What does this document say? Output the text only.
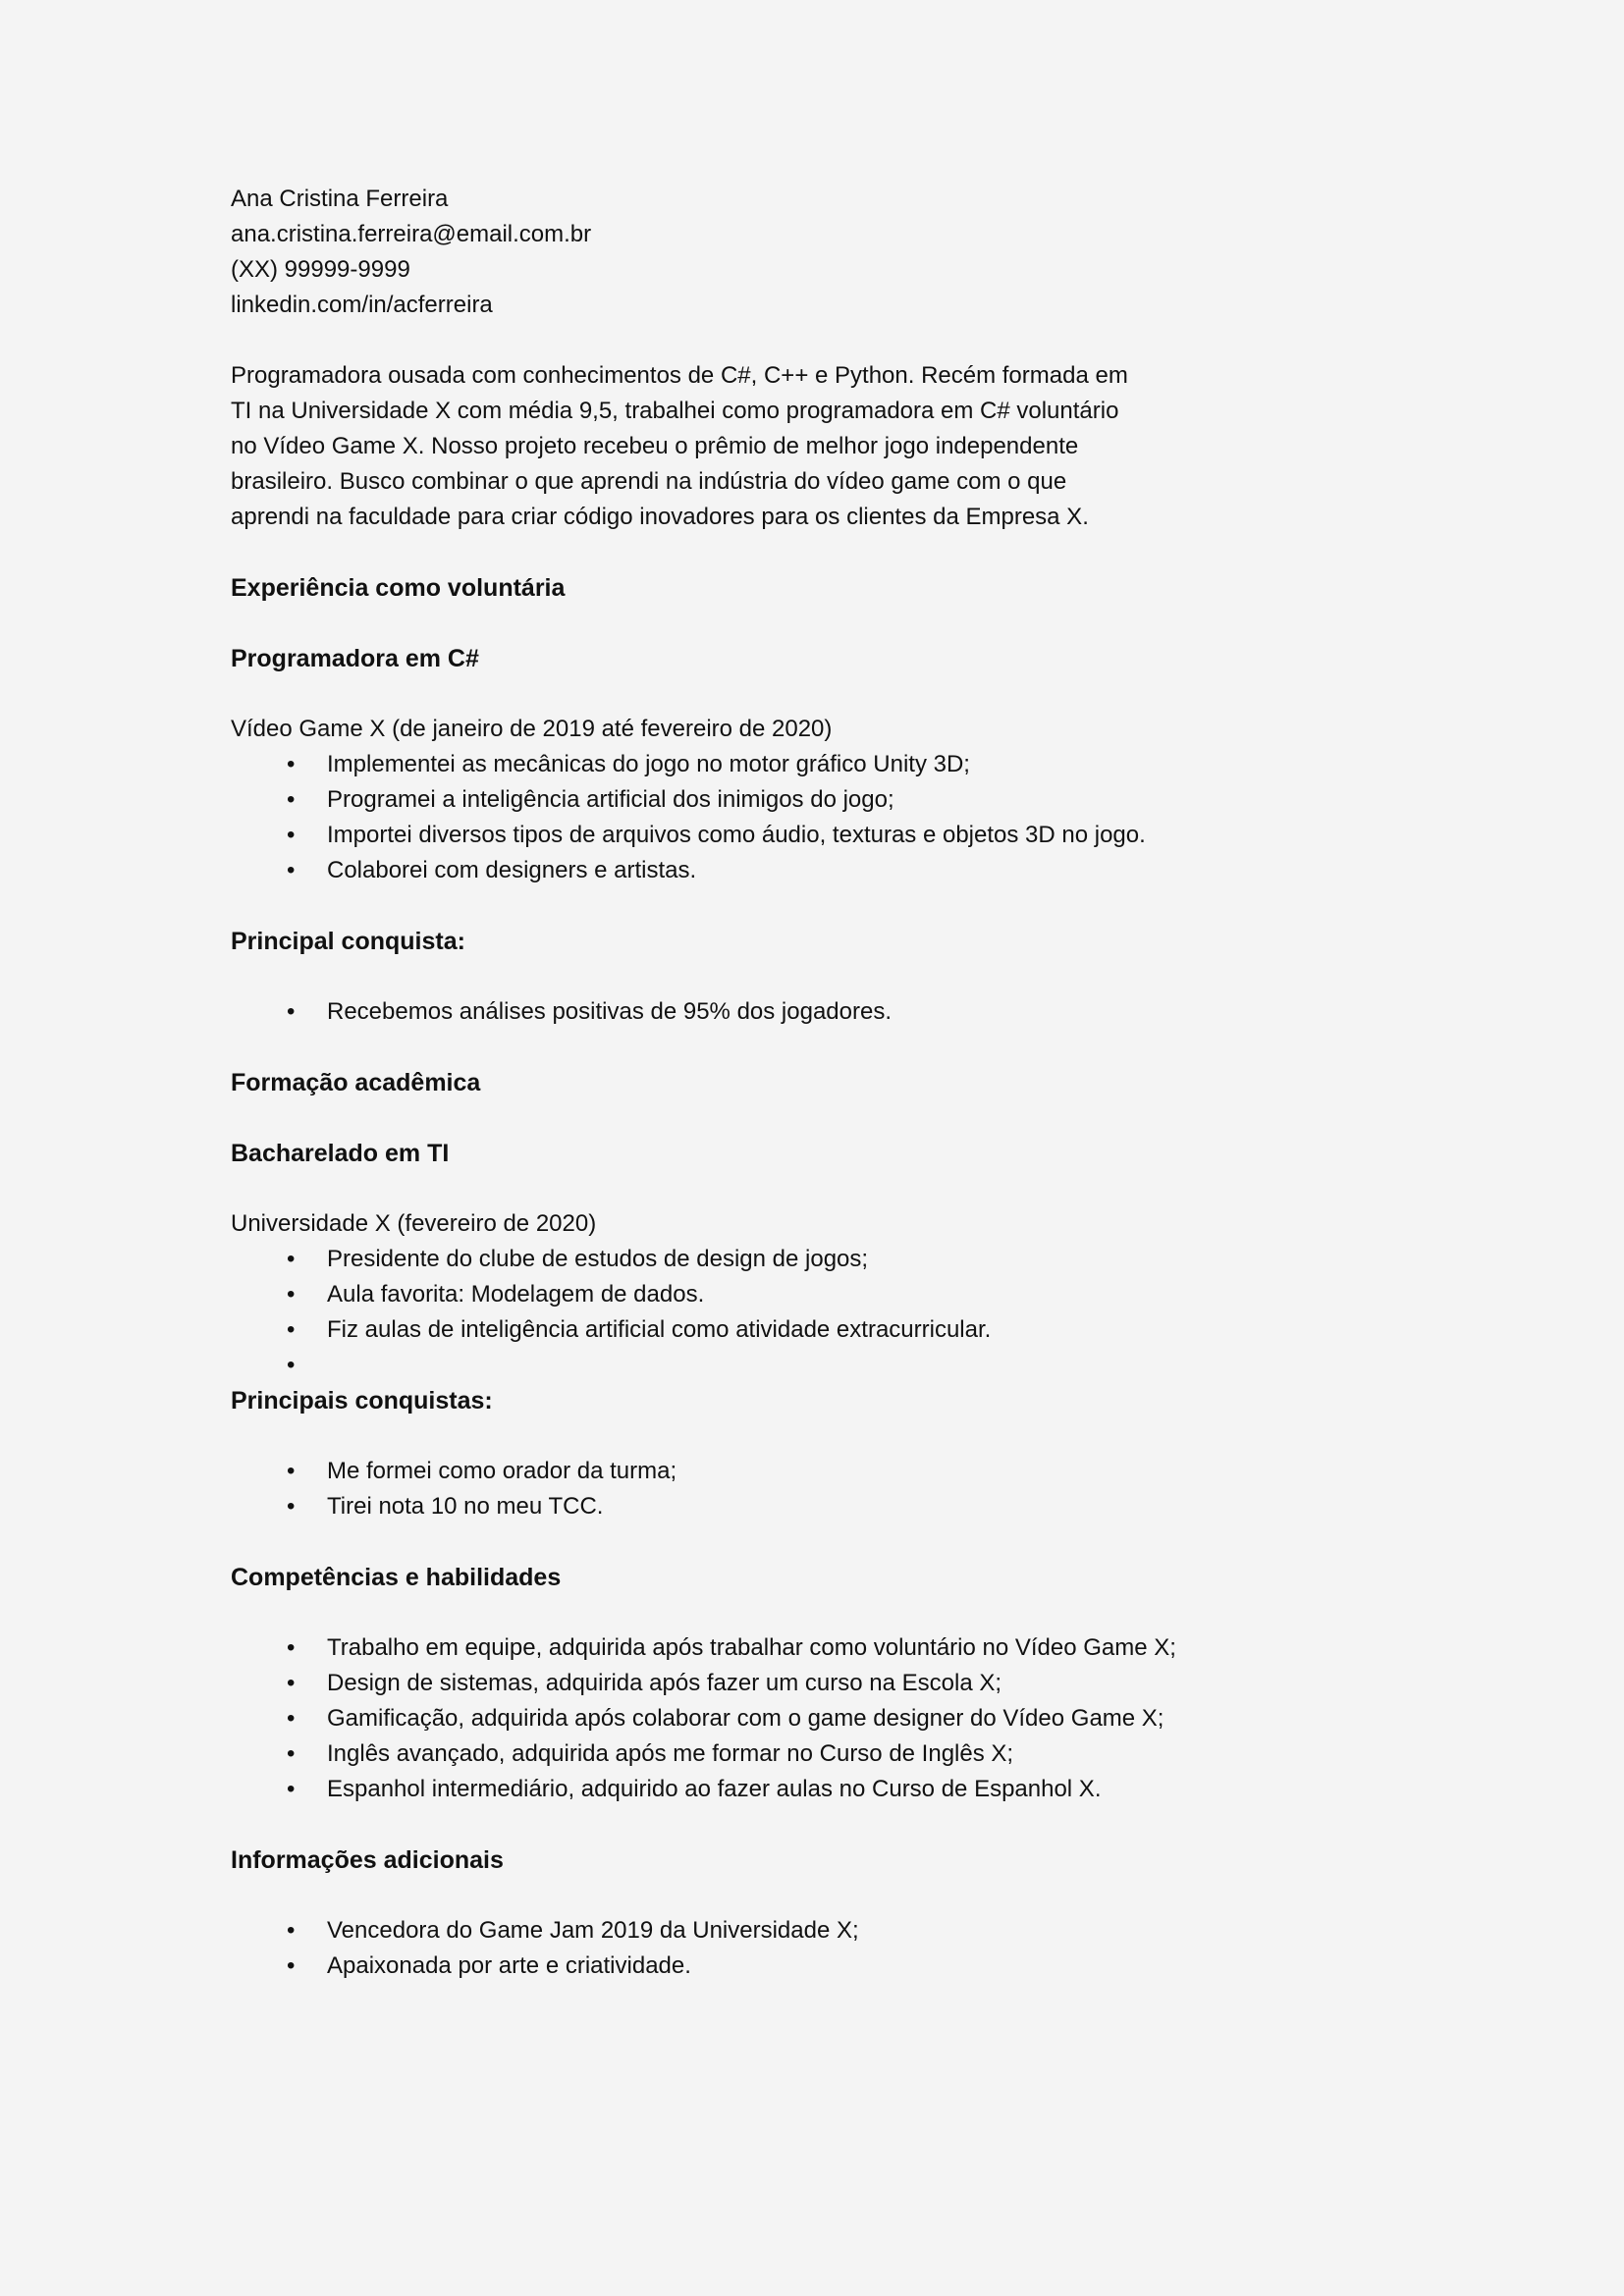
Ana Cristina Ferreira
ana.cristina.ferreira@email.com.br
(XX) 99999-9999
linkedin.com/in/acferreira
Programadora ousada com conhecimentos de C#, C++ e Python. Recém formada em
TI na Universidade X com média 9,5, trabalhei como programadora em C# voluntário
no Vídeo Game X. Nosso projeto recebeu o prêmio de melhor jogo independente
brasileiro. Busco combinar o que aprendi na indústria do vídeo game com o que
aprendi na faculdade para criar código inovadores para os clientes da Empresa X.
Experiência como voluntária
Programadora em C#
Vídeo Game X (de janeiro de 2019 até fevereiro de 2020)
• Implementei as mecânicas do jogo no motor gráfico Unity 3D;
• Programei a inteligência artificial dos inimigos do jogo;
• Importei diversos tipos de arquivos como áudio, texturas e objetos 3D no jogo.
• Colaborei com designers e artistas.
Principal conquista:
• Recebemos análises positivas de 95% dos jogadores.
Formação acadêmica
Bacharelado em TI
Universidade X (fevereiro de 2020)
• Presidente do clube de estudos de design de jogos;
• Aula favorita: Modelagem de dados.
• Fiz aulas de inteligência artificial como atividade extracurricular.
•
Principais conquistas:
• Me formei como orador da turma;
• Tirei nota 10 no meu TCC.
Competências e habilidades
• Trabalho em equipe, adquirida após trabalhar como voluntário no Vídeo Game X;
• Design de sistemas, adquirida após fazer um curso na Escola X;
• Gamificação, adquirida após colaborar com o game designer do Vídeo Game X;
• Inglês avançado, adquirida após me formar no Curso de Inglês X;
• Espanhol intermediário, adquirido ao fazer aulas no Curso de Espanhol X.
Informações adicionais
• Vencedora do Game Jam 2019 da Universidade X;
• Apaixonada por arte e criatividade.
